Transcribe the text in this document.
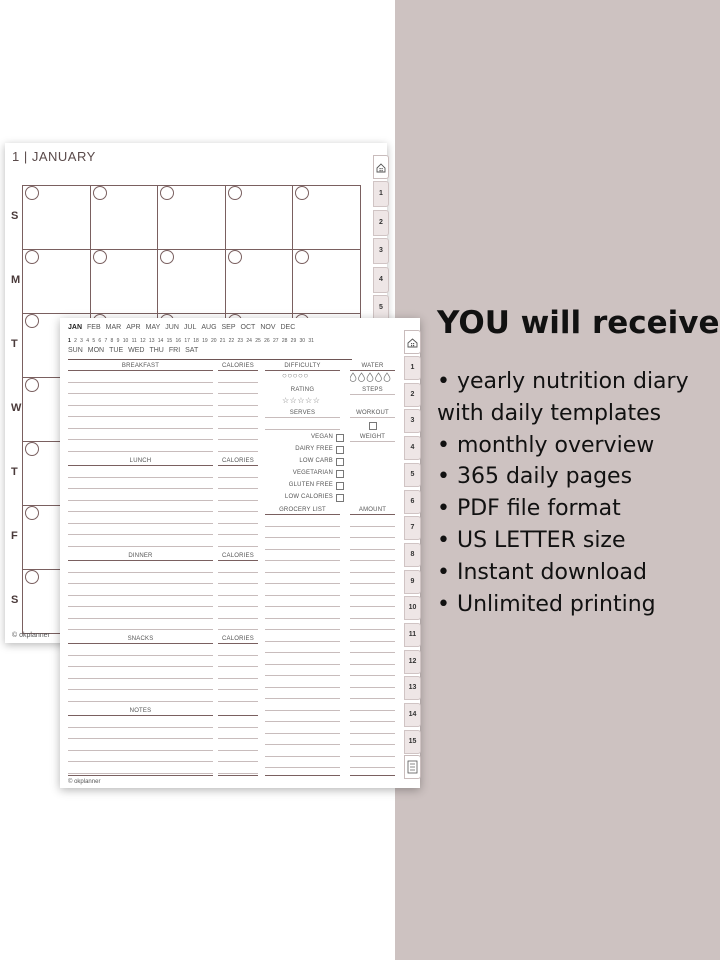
YOU will receive
• yearly nutrition diary
with daily templates
• monthly overview
• 365 daily pages
• PDF file format
• US LETTER size
• Instant download
• Unlimited printing
1 | JANUARY
S
M
T
W
T
F
S
1
2
3
4
5
© okplanner
JAN FEB MAR APR MAY JUN JUL AUG SEP OCT NOV DEC
1 2 3 4 5 6 7 8 9 10 11 12 13 14 15 16 17 18 19 20 21 22 23 24 25 26 27 28 29 30 31
SUN MON TUE WED THU FRI SAT
1
2
3
4
5
6
7
8
9
10
11
12
13
14
15
BREAKFAST	CALORIES
LUNCH	CALORIES
DINNER	CALORIES
SNACKS	CALORIES
NOTES
DIFFICULTY	WATER
○○○○○
RATING	STEPS
☆☆☆☆☆
SERVES	WORKOUT
WEIGHT
VEGAN
DAIRY FREE
LOW CARB
VEGETARIAN
GLUTEN FREE
LOW CALORIES
GROCERY LIST	AMOUNT
© okplanner
